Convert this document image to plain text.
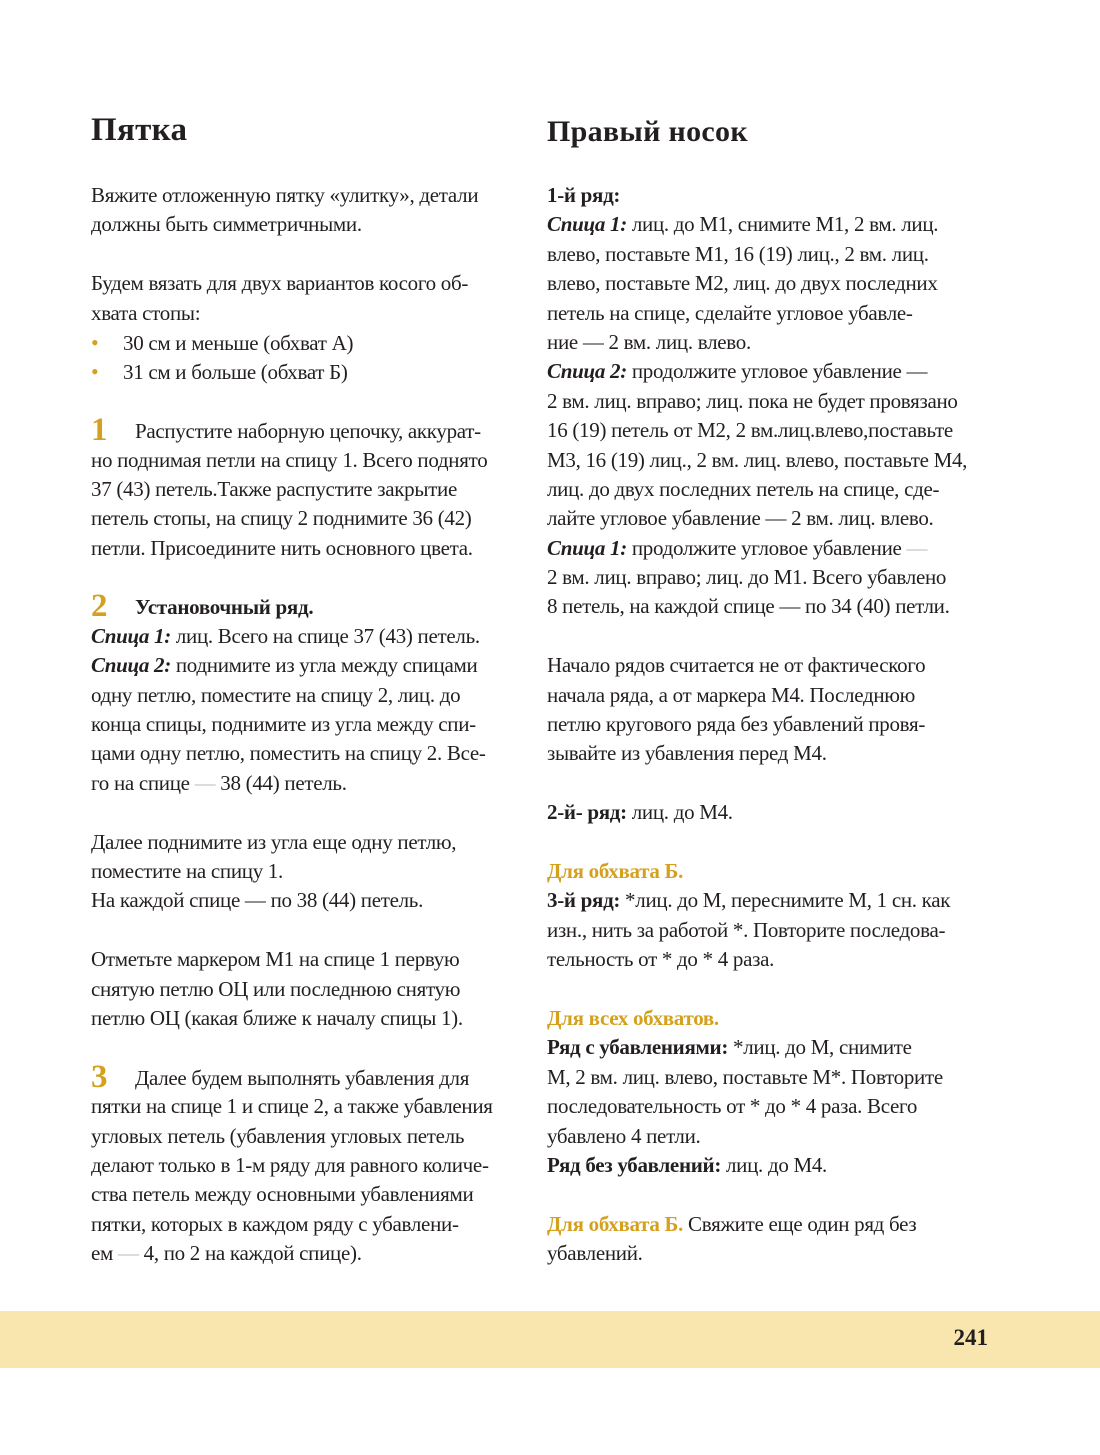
Пятка	Правый носок
Вяжите отложенную пятку «улитку», детали
должны быть симметричными.
Будем вязать для двух вариантов косого об-
хвата стопы:
• 30 см и меньше (обхват А)
• 31 см и больше (обхват Б)
1 Распустите наборную цепочку, аккурат-
но поднимая петли на спицу 1. Всего поднято
37 (43) петель.Также распустите закрытие
петель стопы, на спицу 2 поднимите 36 (42)
петли. Присоедините нить основного цвета.
2 Установочный ряд.
Спица 1: лиц. Всего на спице 37 (43) петель.
Спица 2: поднимите из угла между спицами
одну петлю, поместите на спицу 2, лиц. до
конца спицы, поднимите из угла между спи-
цами одну петлю, поместить на спицу 2. Все-
го на спице — 38 (44) петель.
Далее поднимите из угла еще одну петлю,
поместите на спицу 1.
На каждой спице — по 38 (44) петель.
Отметьте маркером М1 на спице 1 первую
снятую петлю ОЦ или последнюю снятую
петлю ОЦ (какая ближе к началу спицы 1).
3 Далее будем выполнять убавления для
пятки на спице 1 и спице 2, а также убавления
угловых петель (убавления угловых петель
делают только в 1-м ряду для равного количе-
ства петель между основными убавлениями
пятки, которых в каждом ряду с убавлени-
ем — 4, по 2 на каждой спице).
1-й ряд:
Спица 1: лиц. до М1, снимите М1, 2 вм. лиц.
влево, поставьте М1, 16 (19) лиц., 2 вм. лиц.
влево, поставьте М2, лиц. до двух последних
петель на спице, сделайте угловое убавле-
ние — 2 вм. лиц. влево.
Спица 2: продолжите угловое убавление —
2 вм. лиц. вправо; лиц. пока не будет провязано
16 (19) петель от М2, 2 вм.лиц.влево,поставьте
М3, 16 (19) лиц., 2 вм. лиц. влево, поставьте М4,
лиц. до двух последних петель на спице, сде-
лайте угловое убавление — 2 вм. лиц. влево.
Спица 1: продолжите угловое убавление —
2 вм. лиц. вправо; лиц. до М1. Всего убавлено
8 петель, на каждой спице — по 34 (40) петли.
Начало рядов считается не от фактического
начала ряда, а от маркера М4. Последнюю
петлю кругового ряда без убавлений провя-
зывайте из убавления перед М4.
2-й- ряд: лиц. до М4.
Для обхвата Б.
3-й ряд: *лиц. до М, переснимите М, 1 сн. как
изн., нить за работой *. Повторите последова-
тельность от * до * 4 раза.
Для всех обхватов.
Ряд с убавлениями: *лиц. до М, снимите
М, 2 вм. лиц. влево, поставьте М*. Повторите
последовательность от * до * 4 раза. Всего
убавлено 4 петли.
Ряд без убавлений: лиц. до М4.
Для обхвата Б. Свяжите еще один ряд без
убавлений.
241
